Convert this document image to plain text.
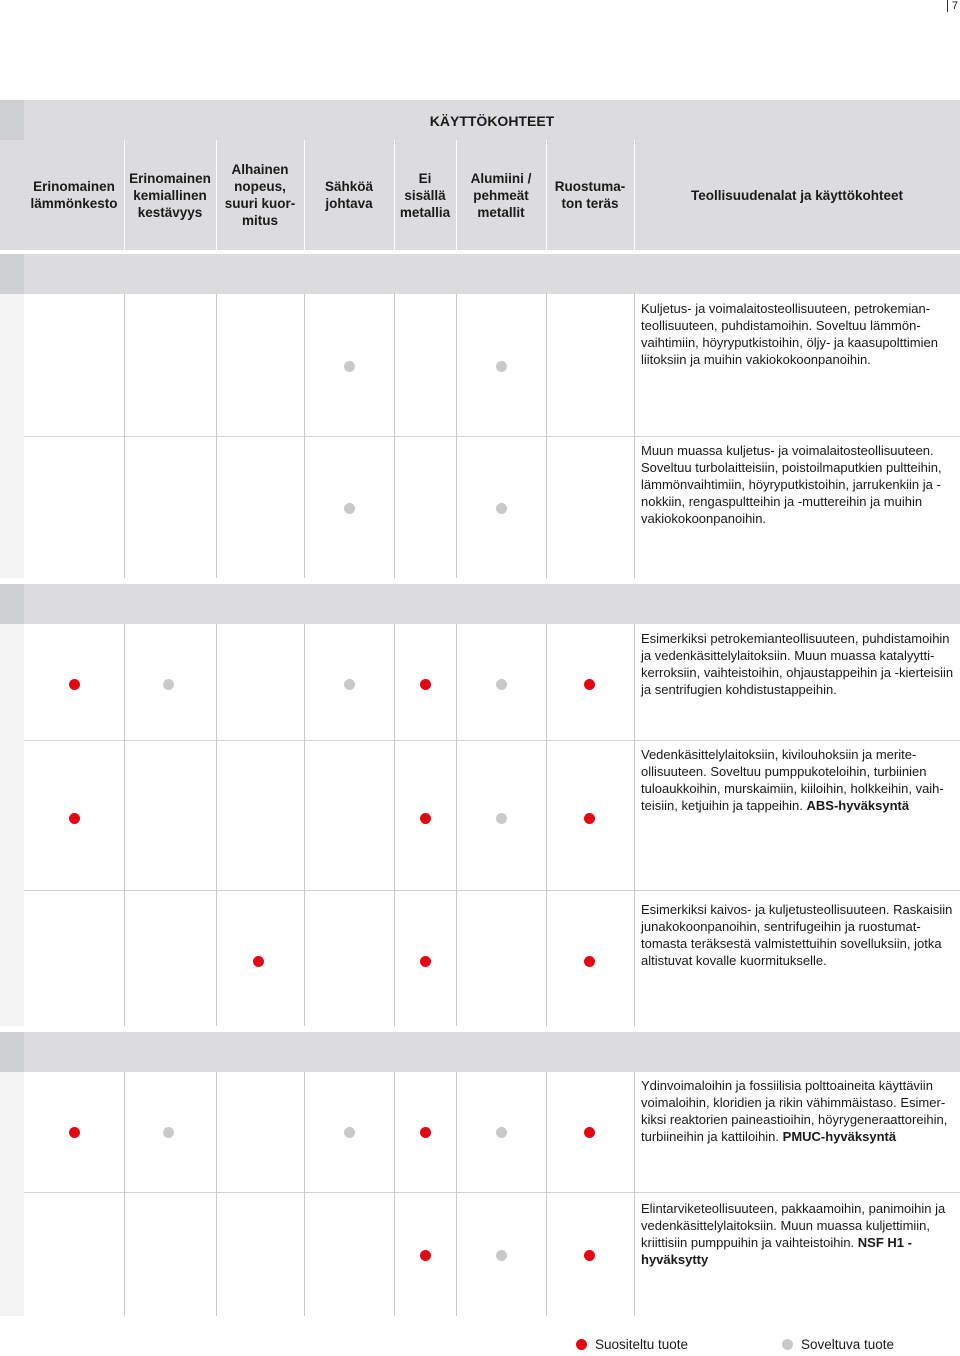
7
KÄYTTÖKOHTEET
Erinomainen lämmönkesto
Erinomainen kemiallinen kestävyys
Alhainen nopeus, suuri kuormitus
Sähköä johtava
Ei sisällä metallia
Alumiini / pehmeät metallit
Ruostumaton teräs
Teollisuudenalat ja käyttökohteet
Kuljetus- ja voimalaitosteollisuuteen, petrokemianteollisuuteen, puhdistamoihin. Soveltuu lämmönvaihtimiin, höyryputkistoihin, öljy- ja kaasupolttimien liitoksiin ja muihin vakiokokoonpanoihin.
Muun muassa kuljetus- ja voimalaitosteollisuuteen. Soveltuu turbolaitteisiin, poistoilmaputkien pultteihin, lämmönvaihtimiin, höyryputkistoihin, jarrukenkiin ja -nokkiin, rengaspultteihin ja -muttereihin ja muihin vakiokokoonpanoihin.
Esimerkiksi petrokemianteollisuuteen, puhdistamoihin ja vedenkäsittelylaitoksiin. Muun muassa katalyyttikerroksiin, vaihteistoihin, ohjaustappeihin ja -kierteisiin ja sentrifugien kohdistustappeihin.
Vedenkäsittelylaitoksiin, kivilouhoksiin ja meriteollisuuteen. Soveltuu pumppukoteloihin, turbiinien tuloaukkoihin, murskaimiin, kiiloihin, holkkeihin, vaihteisiin, ketjuihin ja tappeihin. ABS-hyväksyntä
Esimerkiksi kaivos- ja kuljetusteollisuuteen. Raskaisiin junakokoonpanoihin, sentrifugeihin ja ruostumattomasta teräksestä valmistettuihin sovelluksiin, jotka altistuvat kovalle kuormitukselle.
Ydinvoimaloihin ja fossiilisia polttoaineita käyttäviin voimaloihin, kloridien ja rikin vähimmäistaso. Esimerkiksi reaktorien paineastioihin, höyrygeneraattoreihin, turbiineihin ja kattiloihin. PMUC-hyväksyntä
Elintarviketeollisuuteen, pakkaamoihin, panimoihin ja vedenkäsittelylaitoksiin. Muun muassa kuljettimiin, kriittisiin pumppuihin ja vaihteistoihin. NSF H1 -hyväksytty
Suositeltu tuote	Soveltuva tuote
